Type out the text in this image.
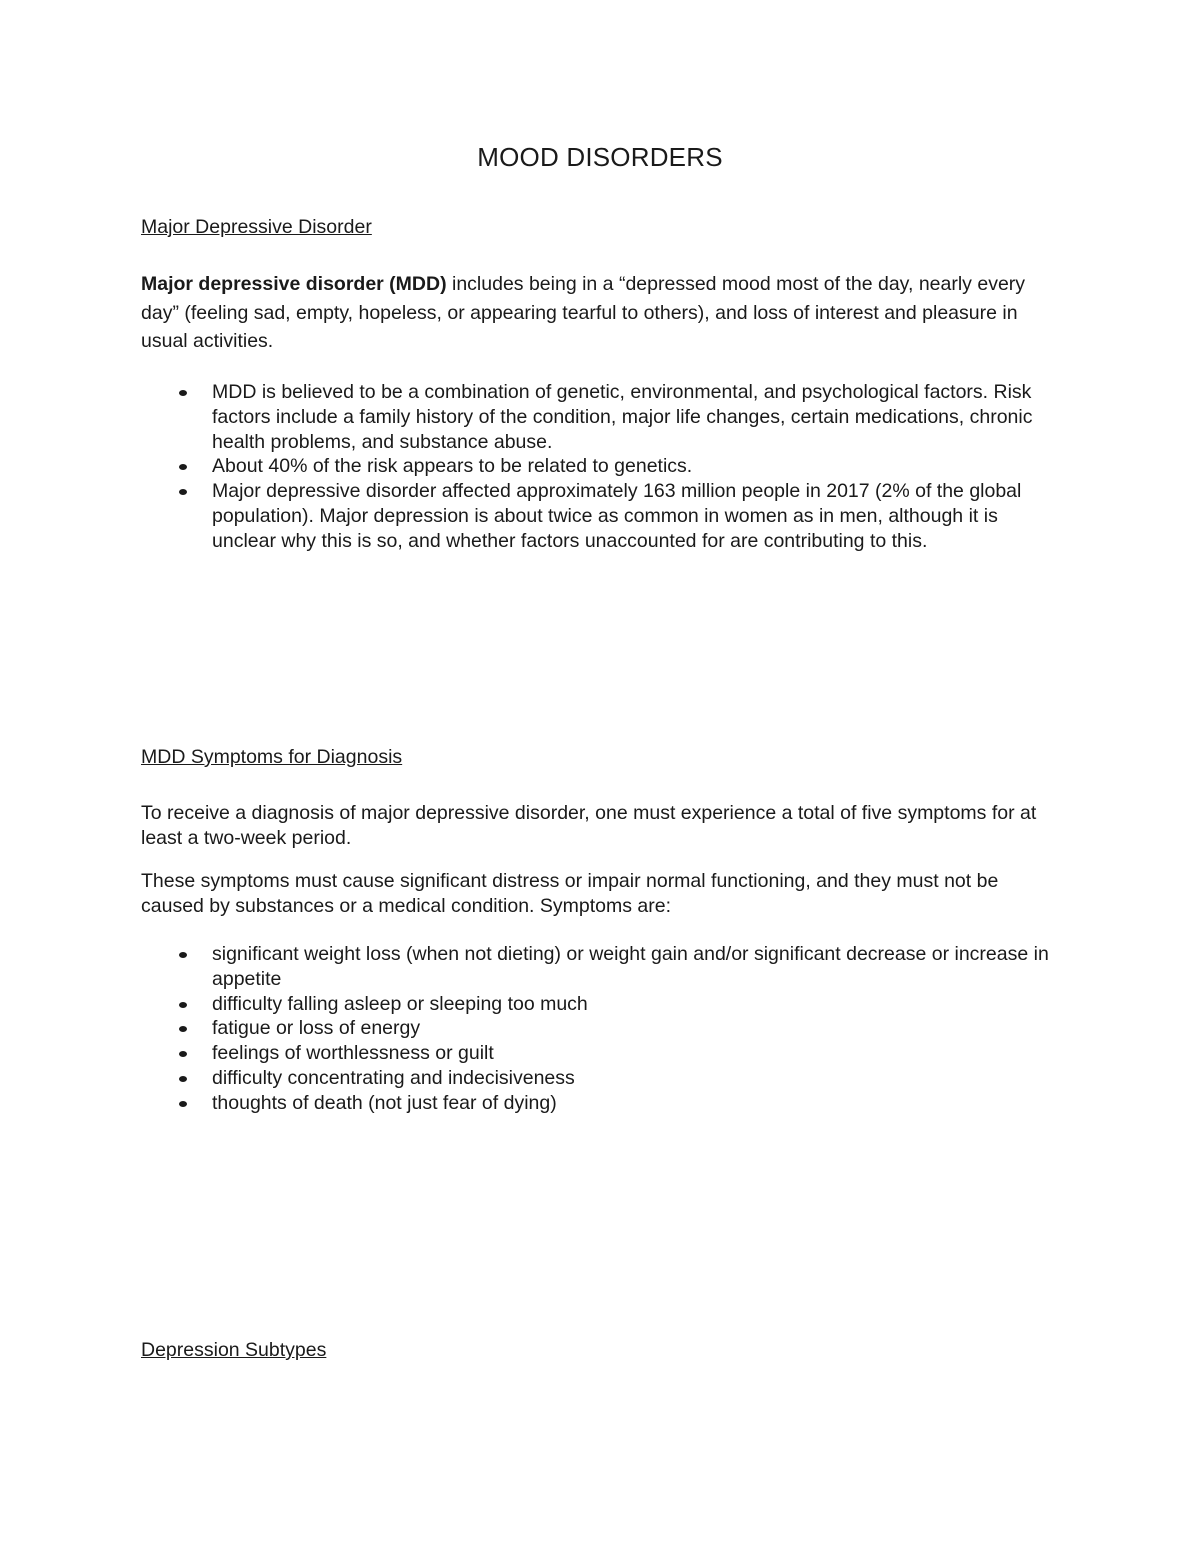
MOOD DISORDERS
Major Depressive Disorder

Major depressive disorder (MDD) includes being in a “depressed mood most of the day, nearly every day” (feeling sad, empty, hopeless, or appearing tearful to others), and loss of interest and pleasure in usual activities.

MDD is believed to be a combination of genetic, environmental, and psychological factors. Risk factors include a family history of the condition, major life changes, certain medications, chronic health problems, and substance abuse.
About 40% of the risk appears to be related to genetics.
Major depressive disorder affected approximately 163 million people in 2017 (2% of the global population). Major depression is about twice as common in women as in men, although it is unclear why this is so, and whether factors unaccounted for are contributing to this.
MDD Symptoms for Diagnosis

To receive a diagnosis of major depressive disorder, one must experience a total of five symptoms for at least a two-week period.

These symptoms must cause significant distress or impair normal functioning, and they must not be caused by substances or a medical condition. Symptoms are:

significant weight loss (when not dieting) or weight gain and/or significant decrease or increase in appetite
difficulty falling asleep or sleeping too much
fatigue or loss of energy
feelings of worthlessness or guilt
difficulty concentrating and indecisiveness
thoughts of death (not just fear of dying)
Depression Subtypes
